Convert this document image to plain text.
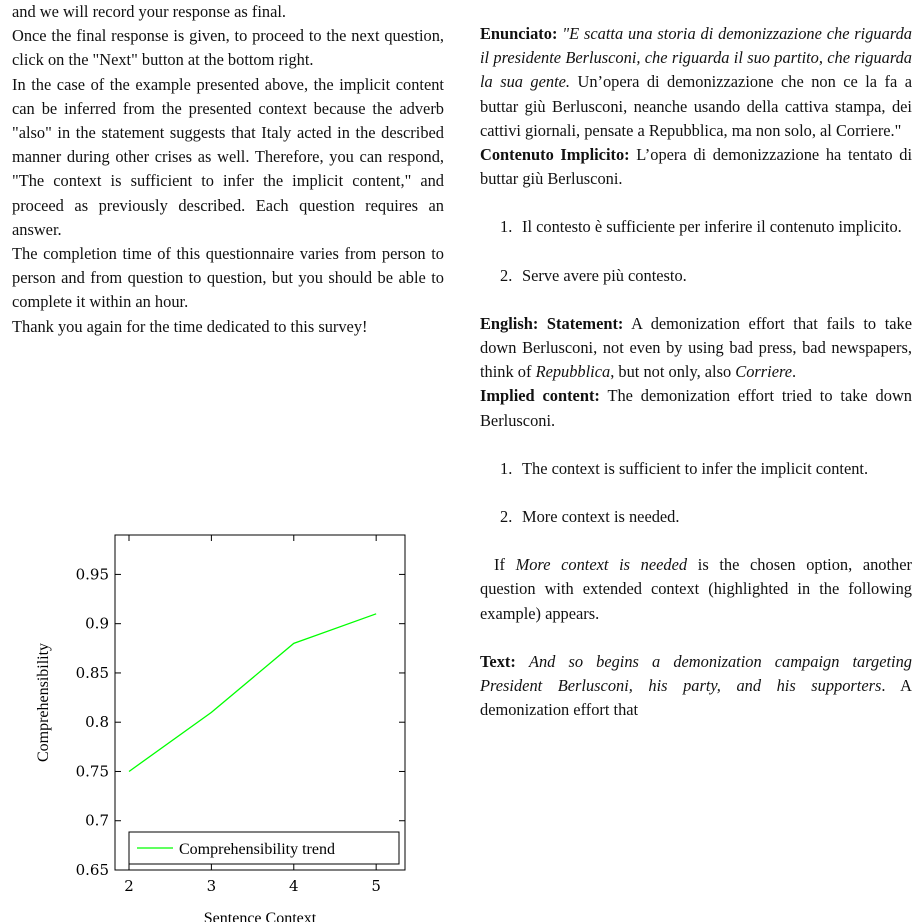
and we will record your response as final.

Once the final response is given, to proceed to the next question, click on the "Next" button at the bottom right.

In the case of the example presented above, the implicit content can be inferred from the presented context because the adverb "also" in the statement suggests that Italy acted in the described manner during other crises as well. Therefore, you can respond, "The context is sufficient to infer the implicit content," and proceed as previously described. Each question requires an answer.

The completion time of this questionnaire varies from person to person and from question to question, but you should be able to complete it within an hour.

Thank you again for the time dedicated to this survey!

0.65
0.7
0.75
0.8
0.85
0.9
0.95
2	3	4	5
Sentence Context
Comprehensibility
Comprehensibility trend

Enunciato: "E scatta una storia di demonizzazione che riguarda il presidente Berlusconi, che riguarda il suo partito, che riguarda la sua gente. Un’opera di demonizzazione che non ce la fa a buttar giù Berlusconi, neanche usando della cattiva stampa, dei cattivi giornali, pensate a Repubblica, ma non solo, al Corriere."

Contenuto Implicito: L’opera di demonizzazione ha tentato di buttar giù Berlusconi.

1. Il contesto è sufficiente per inferire il contenuto implicito.
2. Serve avere più contesto.

English: Statement: A demonization effort that fails to take down Berlusconi, not even by using bad press, bad newspapers, think of Repubblica, but not only, also Corriere.

Implied content: The demonization effort tried to take down Berlusconi.

1. The context is sufficient to infer the implicit content.
2. More context is needed.

If More context is needed is the chosen option, another question with extended context (highlighted in the following example) appears.

Text: And so begins a demonization campaign targeting President Berlusconi, his party, and his supporters. A demonization effort that
